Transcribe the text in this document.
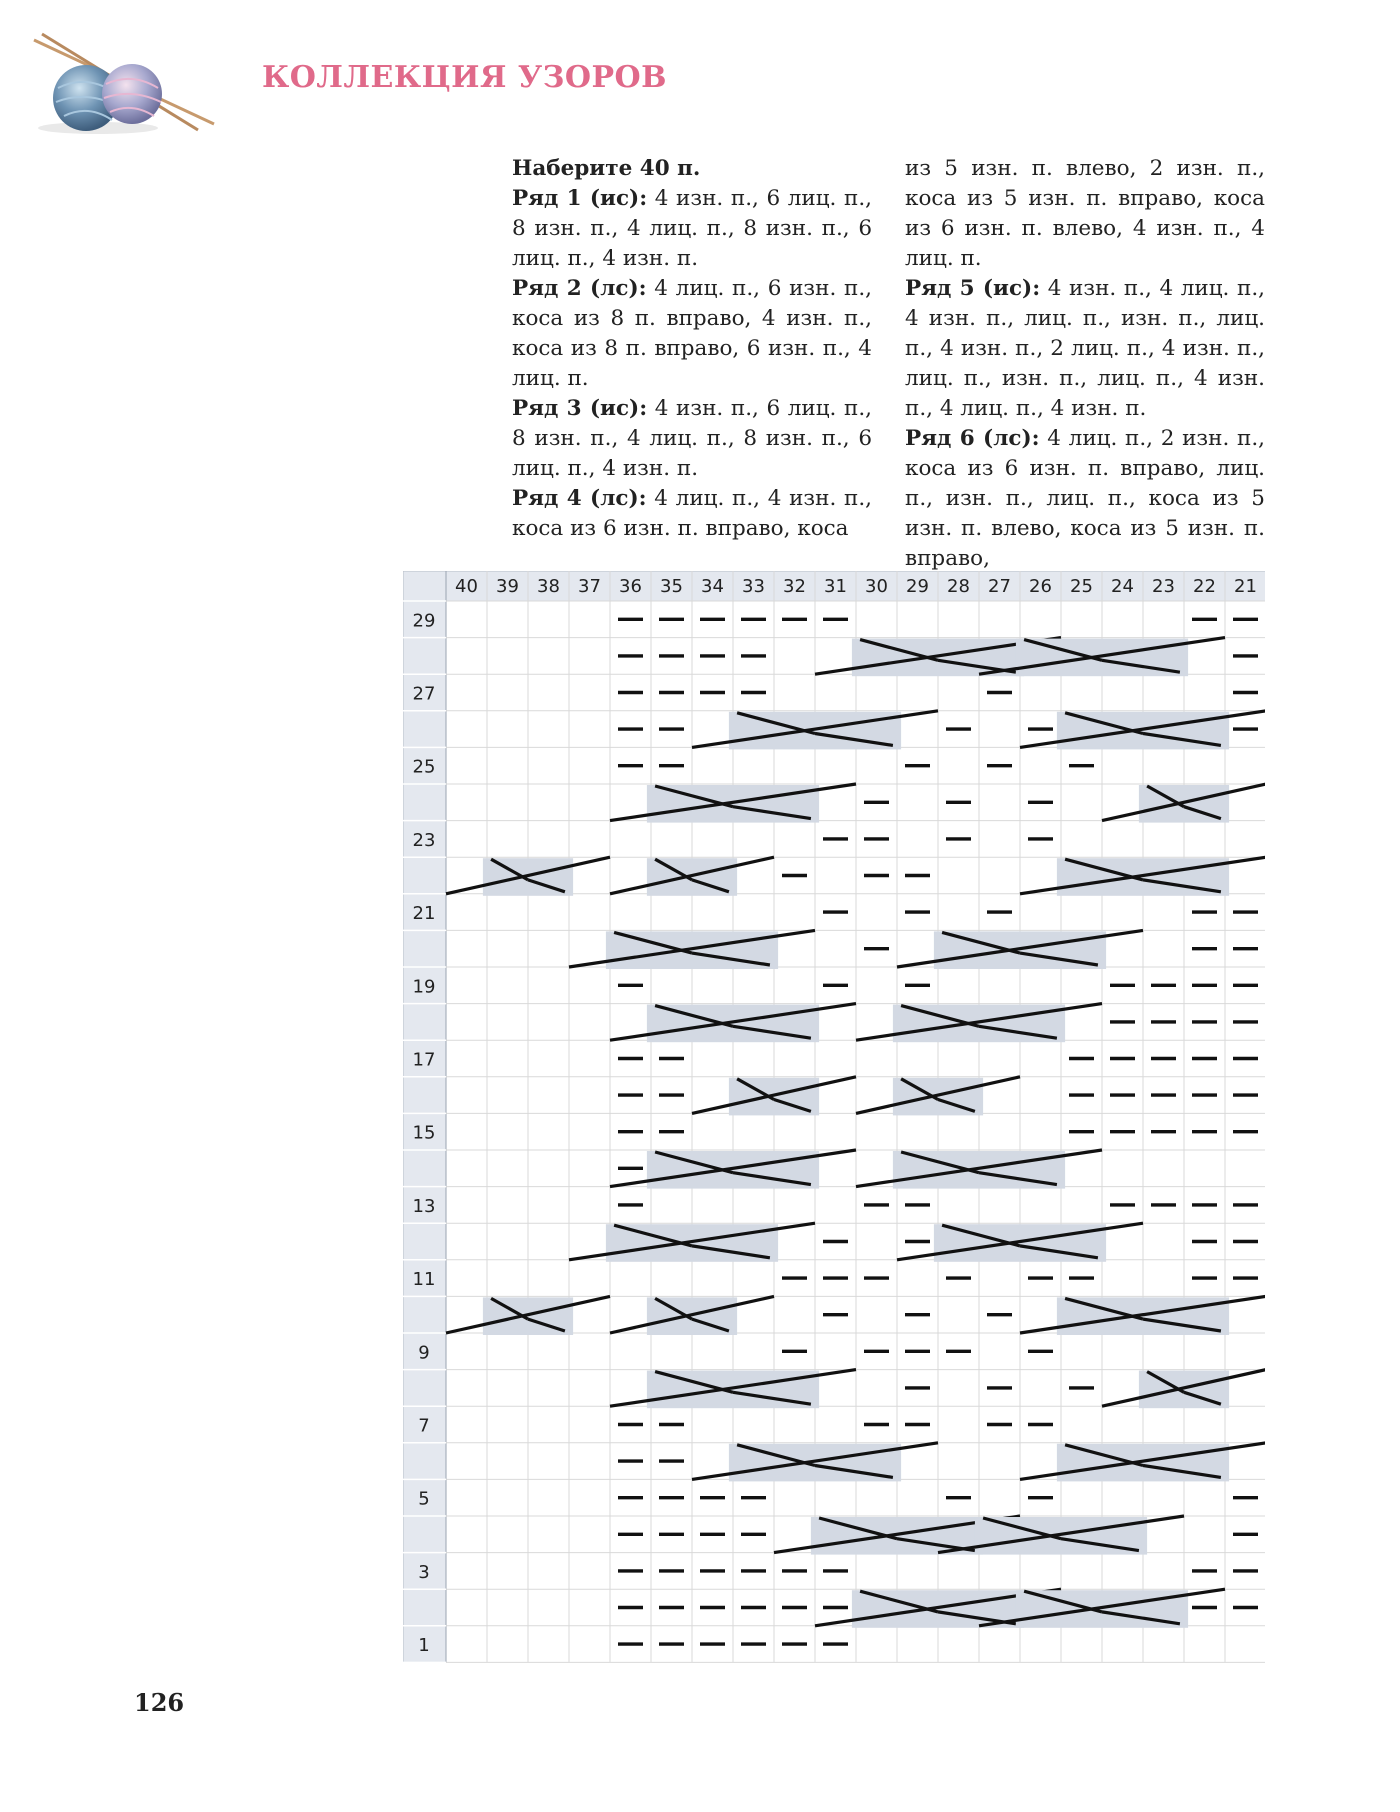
КОЛЛЕКЦИЯ УЗОРОВ

Наберите 40 п.

Ряд 1 (ис): 4 изн. п., 6 лиц. п., 8 изн. п., 4 лиц. п., 8 изн. п., 6 лиц. п., 4 изн. п.

Ряд 2 (лс): 4 лиц. п., 6 изн. п., коса из 8 п. вправо, 4 изн. п., коса из 8 п. вправо, 6 изн. п., 4 лиц. п.

Ряд 3 (ис): 4 изн. п., 6 лиц. п., 8 изн. п., 4 лиц. п., 8 изн. п., 6 лиц. п., 4 изн. п.

Ряд 4 (лс): 4 лиц. п., 4 изн. п., коса из 6 изн. п. вправо, коса

из 5 изн. п. влево, 2 изн. п., коса из 5 изн. п. вправо, коса из 6 изн. п. влево, 4 изн. п., 4 лиц. п.

Ряд 5 (ис): 4 изн. п., 4 лиц. п., 4 изн. п., лиц. п., изн. п., лиц. п., 4 изн. п., 2 лиц. п., 4 изн. п., лиц. п., изн. п., лиц. п., 4 изн. п., 4 лиц. п., 4 изн. п.

Ряд 6 (лс): 4 лиц. п., 2 изн. п., коса из 6 изн. п. вправо, лиц. п., изн. п., лиц. п., коса из 5 изн. п. влево, коса из 5 изн. п. вправо,

40 39 38 37 36 35 34 33 32 31 30 29 28 27 26 25 24 23 22 21
29
27
25
23
21
19
17
15
13
11
9
7
5
3
1
126
